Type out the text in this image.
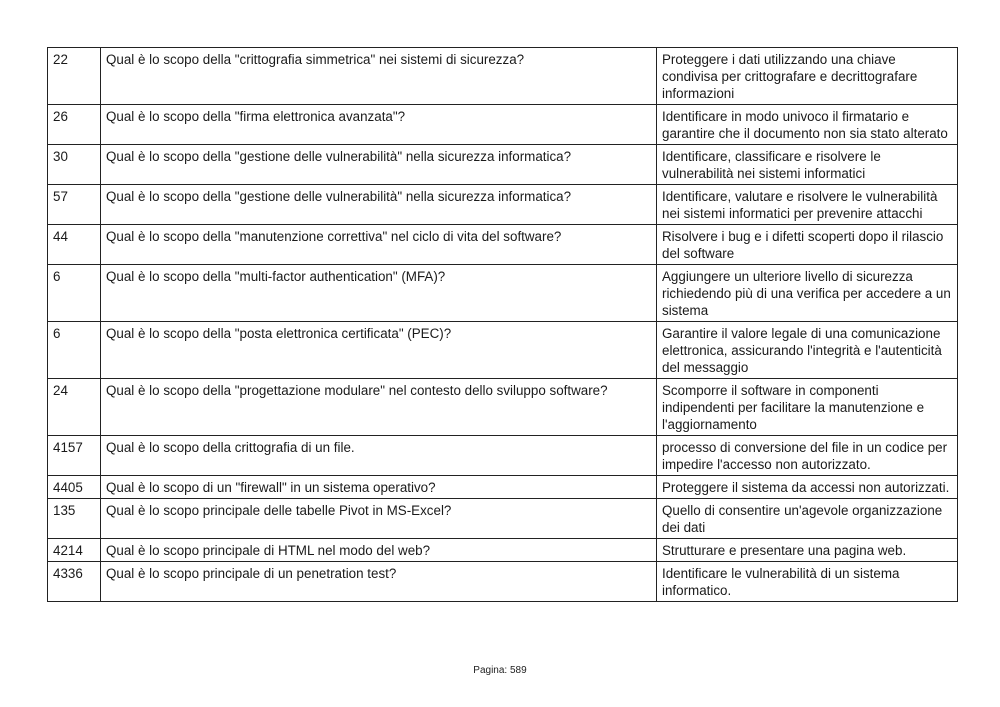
22	Qual è lo scopo della "crittografia simmetrica" nei sistemi di sicurezza?	Proteggere i dati utilizzando una chiave condivisa per crittografare e decrittografare informazioni
26	Qual è lo scopo della "firma elettronica avanzata"?	Identificare in modo univoco il firmatario e garantire che il documento non sia stato alterato
30	Qual è lo scopo della "gestione delle vulnerabilità" nella sicurezza informatica?	Identificare, classificare e risolvere le vulnerabilità nei sistemi informatici
57	Qual è lo scopo della "gestione delle vulnerabilità" nella sicurezza informatica?	Identificare, valutare e risolvere le vulnerabilità nei sistemi informatici per prevenire attacchi
44	Qual è lo scopo della "manutenzione correttiva" nel ciclo di vita del software?	Risolvere i bug e i difetti scoperti dopo il rilascio del software
6	Qual è lo scopo della "multi-factor authentication" (MFA)?	Aggiungere un ulteriore livello di sicurezza richiedendo più di una verifica per accedere a un sistema
6	Qual è lo scopo della "posta elettronica certificata" (PEC)?	Garantire il valore legale di una comunicazione elettronica, assicurando l'integrità e l'autenticità del messaggio
24	Qual è lo scopo della "progettazione modulare" nel contesto dello sviluppo software?	Scomporre il software in componenti indipendenti per facilitare la manutenzione e l'aggiornamento
4157	Qual è lo scopo della crittografia di un file.	processo di conversione del file in un codice per impedire l'accesso non autorizzato.
4405	Qual è lo scopo di un "firewall" in un sistema operativo?	Proteggere il sistema da accessi non autorizzati.
135	Qual è lo scopo principale delle tabelle Pivot in MS-Excel?	Quello di consentire un'agevole organizzazione dei dati
4214	Qual è lo scopo principale di HTML nel modo del web?	Strutturare e presentare una pagina web.
4336	Qual è lo scopo principale di un penetration test?	Identificare le vulnerabilità di un sistema informatico.
Pagina: 589
